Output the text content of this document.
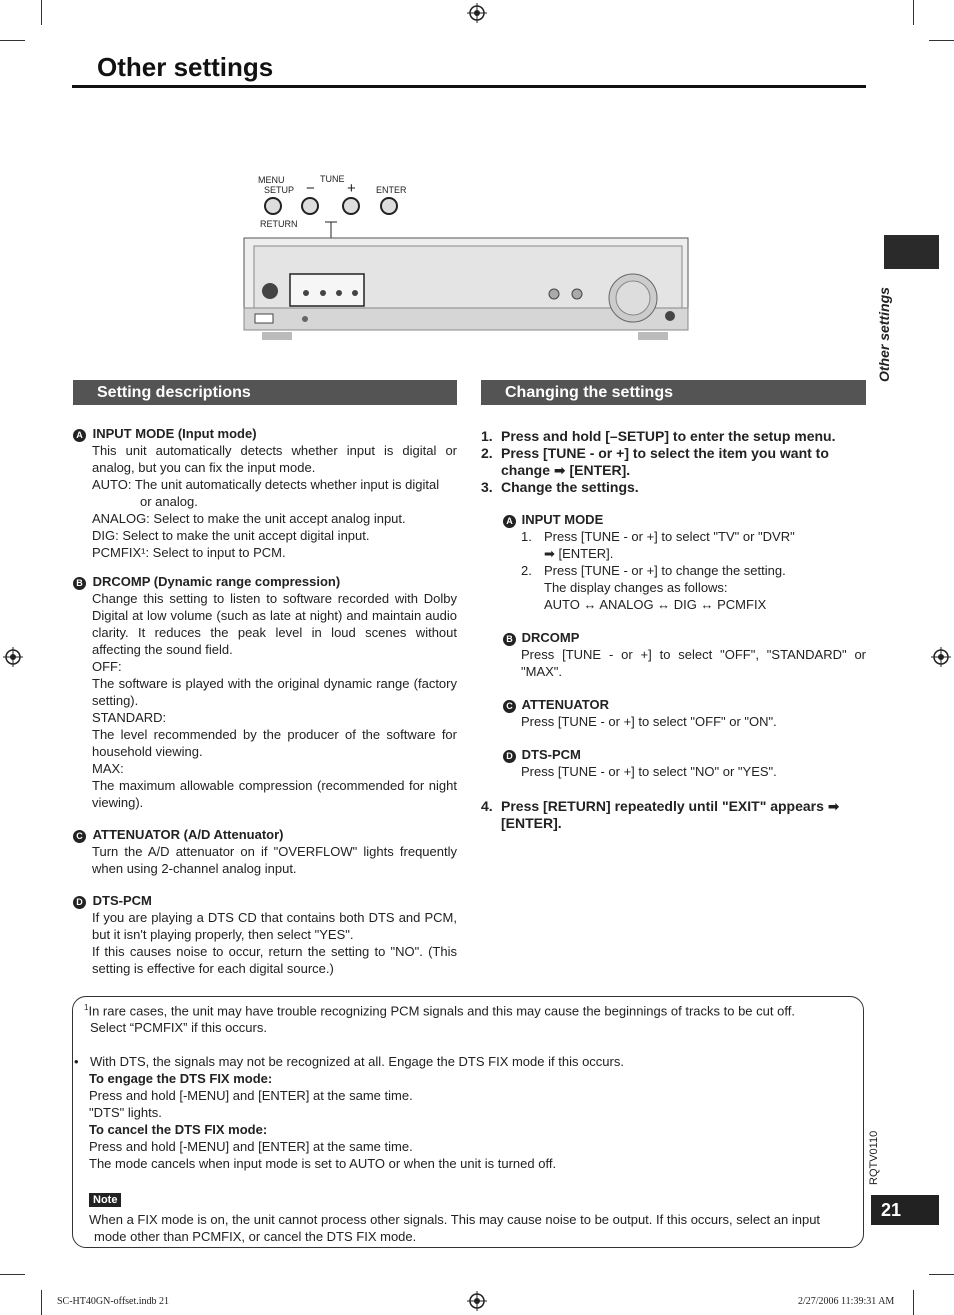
Other settings
Other settings
MENU
SETUP
RETURN
TUNE
− + ENTER
Setting descriptions	Changing the settings
A INPUT MODE (Input mode)
This unit automatically detects whether input is digital or analog, but you can fix the input mode.
AUTO: The unit automatically detects whether input is digital
or analog.
ANALOG: Select to make the unit accept analog input.
DIG: Select to make the unit accept digital input.
PCMFIX¹: Select to input to PCM.
B DRCOMP (Dynamic range compression)
Change this setting to listen to software recorded with Dolby Digital at low volume (such as late at night) and maintain audio clarity. It reduces the peak level in loud scenes without affecting the sound field.
OFF:
The software is played with the original dynamic range (factory setting).
STANDARD:
The level recommended by the producer of the software for household viewing.
MAX:
The maximum allowable compression (recommended for night viewing).
C ATTENUATOR (A/D Attenuator)
Turn the A/D attenuator on if "OVERFLOW" lights frequently when using 2-channel analog input.
D DTS-PCM
If you are playing a DTS CD that contains both DTS and PCM, but it isn't playing properly, then select "YES".
If this causes noise to occur, return the setting to "NO". (This setting is effective for each digital source.)
1. Press and hold [–SETUP] to enter the setup menu.
2. Press [TUNE - or +] to select the item you want to change ➡ [ENTER].
3. Change the settings.
A INPUT MODE
1. Press [TUNE - or +] to select "TV" or "DVR"
➡ [ENTER].
2. Press [TUNE - or +] to change the setting.
The display changes as follows:
AUTO ↔ ANALOG ↔ DIG ↔ PCMFIX
B DRCOMP
Press [TUNE - or +] to select "OFF", "STANDARD" or "MAX".
C ATTENUATOR
Press [TUNE - or +] to select "OFF" or "ON".
D DTS-PCM
Press [TUNE - or +] to select "NO" or "YES".
4. Press [RETURN] repeatedly until "EXIT" appears ➡ [ENTER].
$^1$In rare cases, the unit may have trouble recognizing PCM signals and this may cause the beginnings of tracks to be cut off.
Select “PCMFIX” if this occurs.
• With DTS, the signals may not be recognized at all. Engage the DTS FIX mode if this occurs.
To engage the DTS FIX mode:
Press and hold [-MENU] and [ENTER] at the same time.
"DTS" lights.
To cancel the DTS FIX mode:
Press and hold [-MENU] and [ENTER] at the same time.
The mode cancels when input mode is set to AUTO or when the unit is turned off.
Note
When a FIX mode is on, the unit cannot process other signals. This may cause noise to be output. If this occurs, select an input
mode other than PCMFIX, or cancel the DTS FIX mode.
RQTV0110
21
SC-HT40GN-offset.indb 21	2/27/2006 11:39:31 AM
